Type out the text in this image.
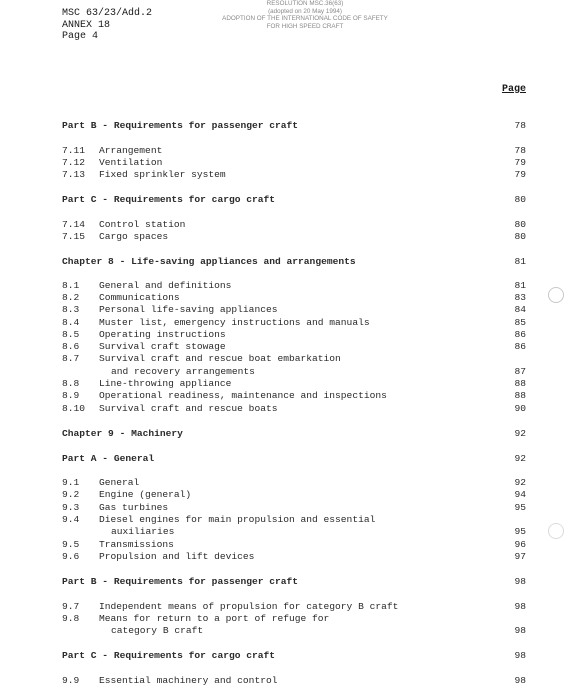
MSC 63/23/Add.2
ANNEX 18
Page 4
RESOLUTION MSC.36(63)
(adopted on 20 May 1994)
ADOPTION OF THE INTERNATIONAL CODE OF SAFETY
FOR HIGH SPEED CRAFT
Page
Part B - Requirements for passenger craft	78
7.11 Arrangement	78
7.12 Ventilation	79
7.13 Fixed sprinkler system	79
Part C - Requirements for cargo craft	80
7.14 Control station	80
7.15 Cargo spaces	80
Chapter 8 - Life-saving appliances and arrangements	81
8.1 General and definitions	81
8.2 Communications	83
8.3 Personal life-saving appliances	84
8.4 Muster list, emergency instructions and manuals	85
8.5 Operating instructions	86
8.6 Survival craft stowage	86
8.7 Survival craft and rescue boat embarkation
and recovery arrangements	87
8.8 Line-throwing appliance	88
8.9 Operational readiness, maintenance and inspections	88
8.10 Survival craft and rescue boats	90
Chapter 9 - Machinery	92
Part A - General	92
9.1 General	92
9.2 Engine (general)	94
9.3 Gas turbines	95
9.4 Diesel engines for main propulsion and essential
auxiliaries	95
9.5 Transmissions	96
9.6 Propulsion and lift devices	97
Part B - Requirements for passenger craft	98
9.7 Independent means of propulsion for category B craft	98
9.8 Means for return to a port of refuge for
category B craft	98
Part C - Requirements for cargo craft	98
9.9 Essential machinery and control	98
